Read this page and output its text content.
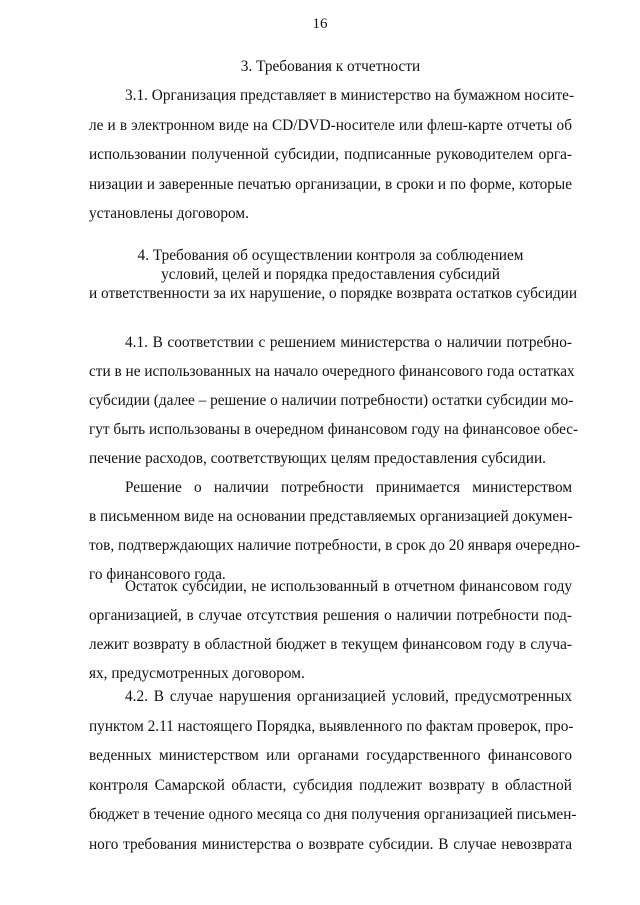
16
3. Требования к отчетности
3.1. Организация представляет в министерство на бумажном носите-
ле и в электронном виде на CD/DVD-носителе или флеш-карте отчеты об
использовании полученной субсидии, подписанные руководителем орга-
низации и заверенные печатью организации, в сроки и по форме, которые
установлены договором.
4. Требования об осуществлении контроля за соблюдением
условий, целей и порядка предоставления субсидий
и ответственности за их нарушение, о порядке возврата остатков субсидии
4.1. В соответствии с решением министерства о наличии потребно-
сти в не использованных на начало очередного финансового года остатках
субсидии (далее – решение о наличии потребности) остатки субсидии мо-
гут быть использованы в очередном финансовом году на финансовое обес-
печение расходов, соответствующих целям предоставления субсидии.
Решение о наличии потребности принимается министерством
в письменном виде на основании представляемых организацией докумен-
тов, подтверждающих наличие потребности, в срок до 20 января очередно-
го финансового года.
Остаток субсидии, не использованный в отчетном финансовом году
организацией, в случае отсутствия решения о наличии потребности под-
лежит возврату в областной бюджет в текущем финансовом году в случа-
ях, предусмотренных договором.
4.2. В случае нарушения организацией условий, предусмотренных
пунктом 2.11 настоящего Порядка, выявленного по фактам проверок, про-
веденных министерством или органами государственного финансового
контроля Самарской области, субсидия подлежит возврату в областной
бюджет в течение одного месяца со дня получения организацией письмен-
ного требования министерства о возврате субсидии. В случае невозврата
